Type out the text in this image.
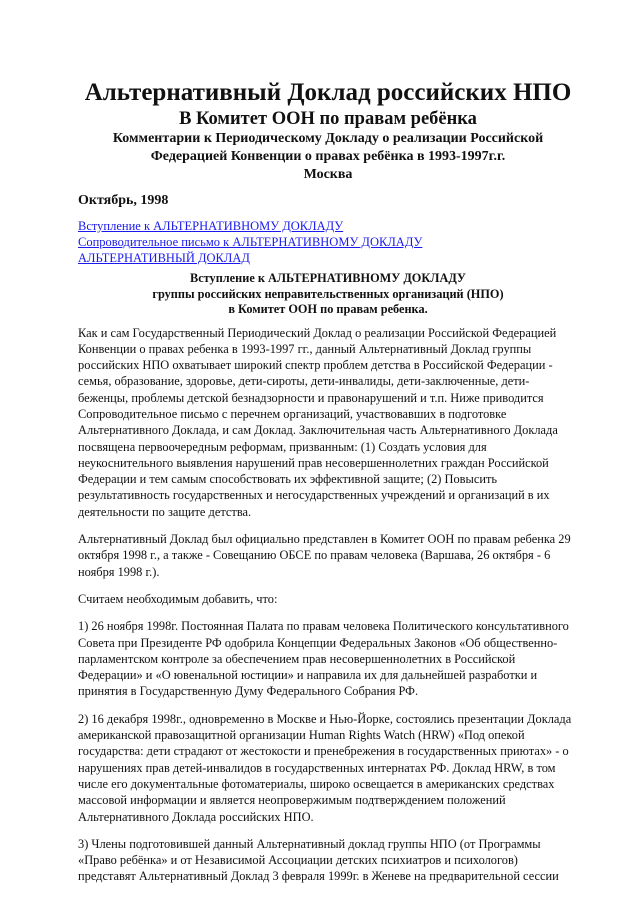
Альтернативный Доклад российских НПО
В Комитет ООН по правам ребёнка
Комментарии к Периодическому Докладу о реализации Российской
Федерацией Конвенции о правах ребёнка в 1993-1997г.г.
Москва
Октябрь, 1998
Вступление к АЛЬТЕРНАТИВНОМУ ДОКЛАДУ
Сопроводительное письмо к АЛЬТЕРНАТИВНОМУ ДОКЛАДУ
АЛЬТЕРНАТИВНЫЙ ДОКЛАД
Вступление к АЛЬТЕРНАТИВНОМУ ДОКЛАДУ
группы российских неправительственных организаций (НПО)
в Комитет ООН по правам ребенка.
Как и сам Государственный Периодический Доклад о реализации Российской Федерацией
Конвенции о правах ребенка в 1993-1997 гг., данный Альтернативный Доклад группы
российских НПО охватывает широкий спектр проблем детства в Российской Федерации -
семья, образование, здоровье, дети-сироты, дети-инвалиды, дети-заключенные, дети-
беженцы, проблемы детской безнадзорности и правонарушений и т.п. Ниже приводится
Сопроводительное письмо с перечнем организаций, участвовавших в подготовке
Альтернативного Доклада, и сам Доклад. Заключительная часть Альтернативного Доклада
посвящена первоочередным реформам, призванным: (1) Создать условия для
неукоснительного выявления нарушений прав несовершеннолетних граждан Российской
Федерации и тем самым способствовать их эффективной защите; (2) Повысить
результативность государственных и негосударственных учреждений и организаций в их
деятельности по защите детства.
Альтернативный Доклад был официально представлен в Комитет ООН по правам ребенка 29
октября 1998 г., а также - Совещанию ОБСЕ по правам человека (Варшава, 26 октября - 6
ноября 1998 г.).
Считаем необходимым добавить, что:
1) 26 ноября 1998г. Постоянная Палата по правам человека Политического консультативного
Совета при Президенте РФ одобрила Концепции Федеральных Законов «Об общественно-
парламентском контроле за обеспечением прав несовершеннолетних в Российской
Федерации» и «О ювенальной юстиции» и направила их для дальнейшей разработки и
принятия в Государственную Думу Федерального Собрания РФ.
2) 16 декабря 1998г., одновременно в Москве и Нью-Йорке, состоялись презентации Доклада
американской правозащитной организации Human Rights Watch (HRW) «Под опекой
государства: дети страдают от жестокости и пренебрежения в государственных приютах» - о
нарушениях прав детей-инвалидов в государственных интернатах РФ. Доклад HRW, в том
числе его документальные фотоматериалы, широко освещается в американских средствах
массовой информации и является неопровержимым подтверждением положений
Альтернативного Доклада российских НПО.
3) Члены подготовившей данный Альтернативный доклад группы НПО (от Программы
«Право ребёнка» и от Независимой Ассоциации детских психиатров и психологов)
представят Альтернативный Доклад 3 февраля 1999г. в Женеве на предварительной сессии
